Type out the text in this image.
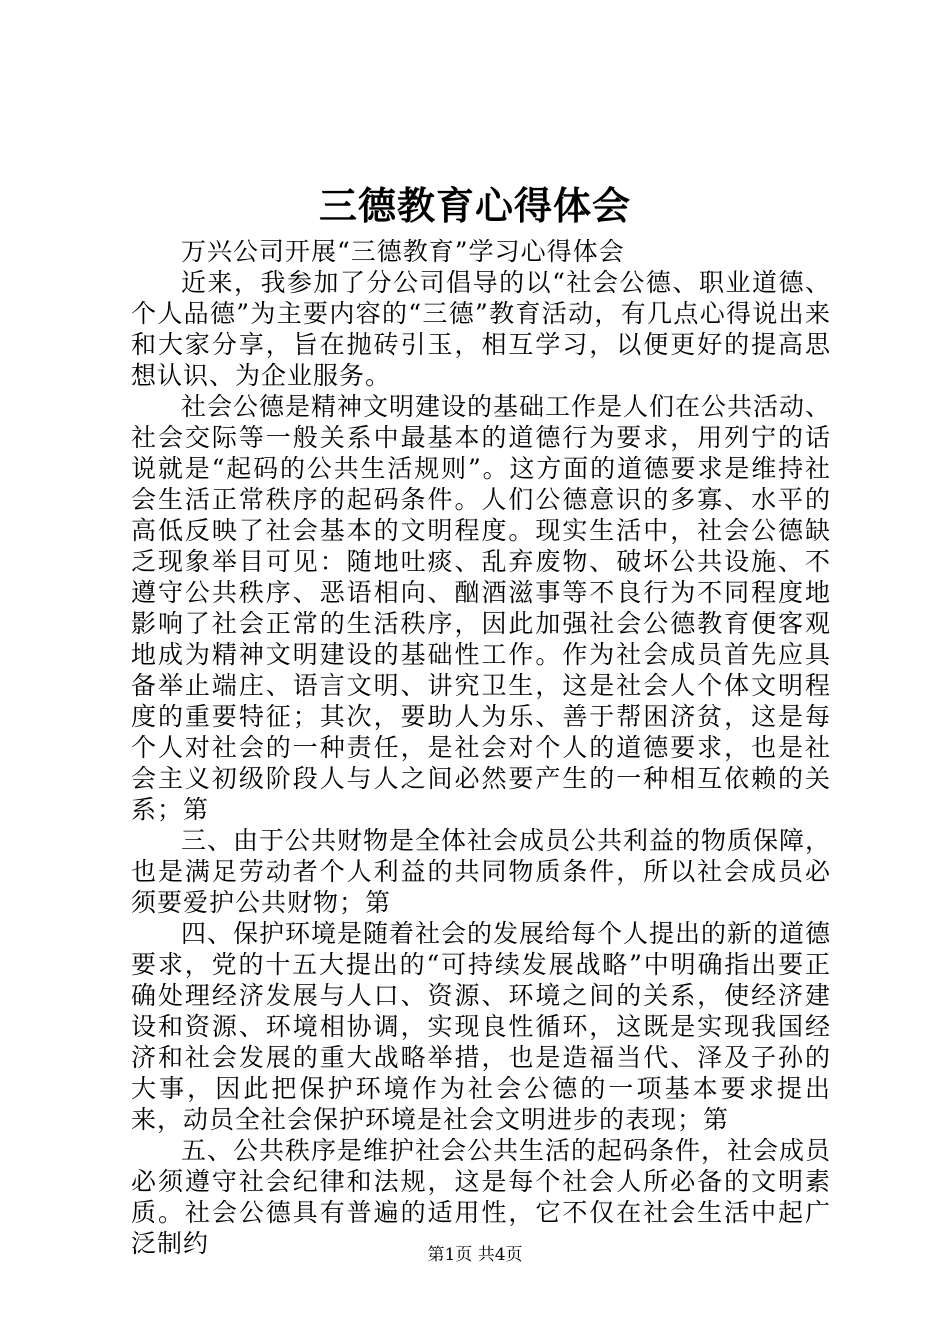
三德教育心得体会

万兴公司开展“三德教育”学习心得体会

近来，我参加了分公司倡导的以“社会公德、职业道德、个人品德”为主要内容的“三德”教育活动，有几点心得说出来和大家分享，旨在抛砖引玉，相互学习，以便更好的提高思想认识、为企业服务。

社会公德是精神文明建设的基础工作是人们在公共活动、社会交际等一般关系中最基本的道德行为要求，用列宁的话说就是“起码的公共生活规则”。这方面的道德要求是维持社会生活正常秩序的起码条件。人们公德意识的多寡、水平的高低反映了社会基本的文明程度。现实生活中，社会公德缺乏现象举目可见：随地吐痰、乱弃废物、破坏公共设施、不遵守公共秩序、恶语相向、酗酒滋事等不良行为不同程度地影响了社会正常的生活秩序，因此加强社会公德教育便客观地成为精神文明建设的基础性工作。作为社会成员首先应具备举止端庄、语言文明、讲究卫生，这是社会人个体文明程度的重要特征；其次，要助人为乐、善于帮困济贫，这是每个人对社会的一种责任，是社会对个人的道德要求，也是社会主义初级阶段人与人之间必然要产生的一种相互依赖的关系；第

三、由于公共财物是全体社会成员公共利益的物质保障，也是满足劳动者个人利益的共同物质条件，所以社会成员必须要爱护公共财物；第

四、保护环境是随着社会的发展给每个人提出的新的道德要求，党的十五大提出的“可持续发展战略”中明确指出要正确处理经济发展与人口、资源、环境之间的关系，使经济建设和资源、环境相协调，实现良性循环，这既是实现我国经济和社会发展的重大战略举措，也是造福当代、泽及子孙的大事，因此把保护环境作为社会公德的一项基本要求提出来，动员全社会保护环境是社会文明进步的表现；第

五、公共秩序是维护社会公共生活的起码条件，社会成员必须遵守社会纪律和法规，这是每个社会人所必备的文明素质。社会公德具有普遍的适用性，它不仅在社会生活中起广泛制约	第1页 共4页
